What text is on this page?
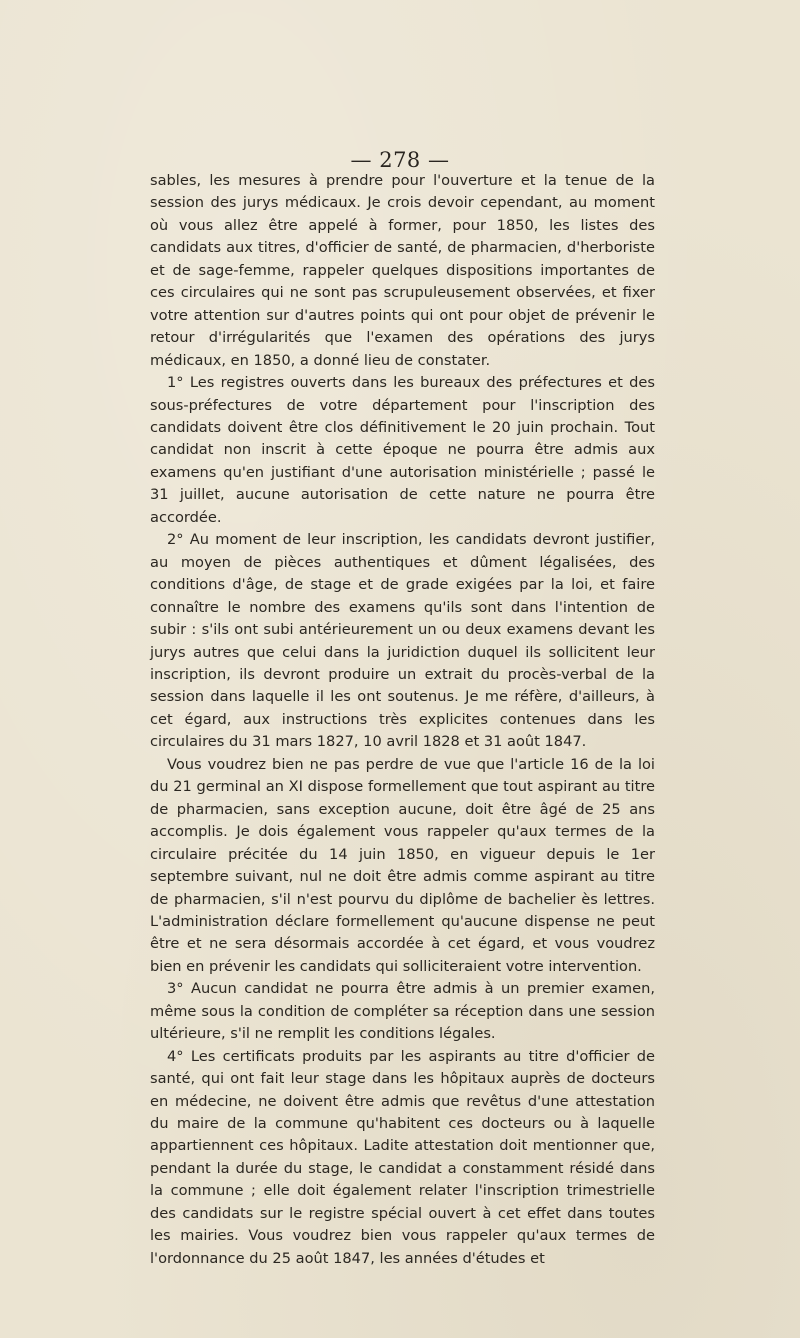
— 278 —

sables, les mesures à prendre pour l'ouverture et la tenue de la session des jurys médicaux. Je crois devoir cependant, au moment où vous allez être appelé à former, pour 1850, les listes des candidats aux titres, d'officier de santé, de pharmacien, d'herboriste et de sage-femme, rappeler quelques dispositions importantes de ces circulaires qui ne sont pas scrupuleusement observées, et fixer votre attention sur d'autres points qui ont pour objet de prévenir le retour d'irrégularités que l'examen des opérations des jurys médicaux, en 1850, a donné lieu de constater.

1° Les registres ouverts dans les bureaux des préfectures et des sous-préfectures de votre département pour l'inscription des candidats doivent être clos définitivement le 20 juin prochain. Tout candidat non inscrit à cette époque ne pourra être admis aux examens qu'en justifiant d'une autorisation ministérielle ; passé le 31 juillet, aucune autorisation de cette nature ne pourra être accordée.

2° Au moment de leur inscription, les candidats devront justifier, au moyen de pièces authentiques et dûment légalisées, des conditions d'âge, de stage et de grade exigées par la loi, et faire connaître le nombre des examens qu'ils sont dans l'intention de subir : s'ils ont subi antérieurement un ou deux examens devant les jurys autres que celui dans la juridiction duquel ils sollicitent leur inscription, ils devront produire un extrait du procès-verbal de la session dans laquelle il les ont soutenus. Je me réfère, d'ailleurs, à cet égard, aux instructions très explicites contenues dans les circulaires du 31 mars 1827, 10 avril 1828 et 31 août 1847.

Vous voudrez bien ne pas perdre de vue que l'article 16 de la loi du 21 germinal an XI dispose formellement que tout aspirant au titre de pharmacien, sans exception aucune, doit être âgé de 25 ans accomplis. Je dois également vous rappeler qu'aux termes de la circulaire précitée du 14 juin 1850, en vigueur depuis le 1er septembre suivant, nul ne doit être admis comme aspirant au titre de pharmacien, s'il n'est pourvu du diplôme de bachelier ès lettres. L'administration déclare formellement qu'aucune dispense ne peut être et ne sera désormais accordée à cet égard, et vous voudrez bien en prévenir les candidats qui solliciteraient votre intervention.

3° Aucun candidat ne pourra être admis à un premier examen, même sous la condition de compléter sa réception dans une session ultérieure, s'il ne remplit les conditions légales.

4° Les certificats produits par les aspirants au titre d'officier de santé, qui ont fait leur stage dans les hôpitaux auprès de docteurs en médecine, ne doivent être admis que revêtus d'une attestation du maire de la commune qu'habitent ces docteurs ou à laquelle appartiennent ces hôpitaux. Ladite attestation doit mentionner que, pendant la durée du stage, le candidat a constamment résidé dans la commune ; elle doit également relater l'inscription trimestrielle des candidats sur le registre spécial ouvert à cet effet dans toutes les mairies. Vous voudrez bien vous rappeler qu'aux termes de l'ordonnance du 25 août 1847, les années d'études et
